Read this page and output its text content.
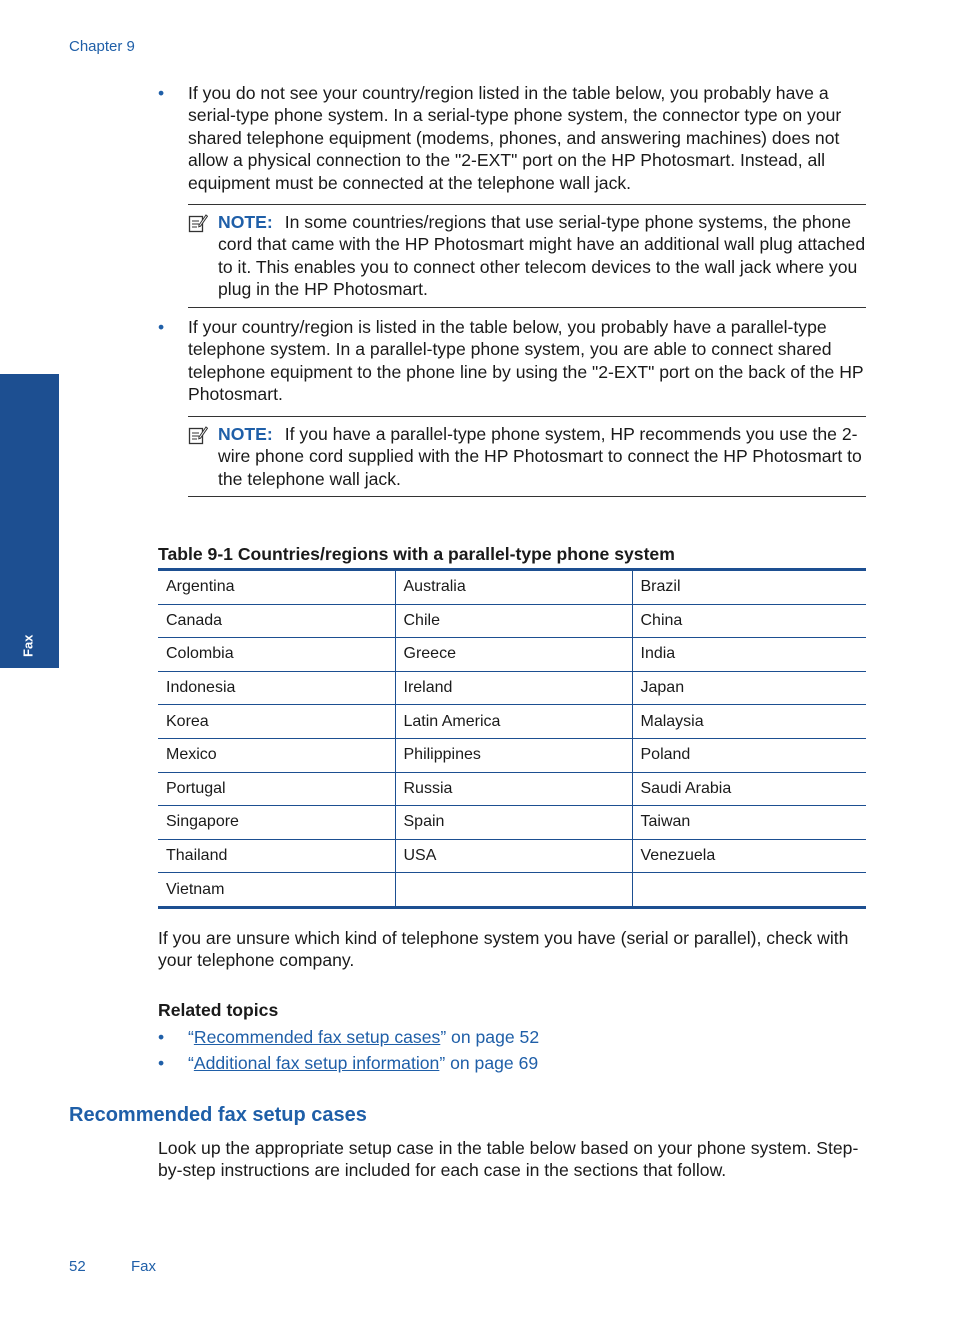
Chapter 9
Fax
• If you do not see your country/region listed in the table below, you probably have a serial-type phone system. In a serial-type phone system, the connector type on your shared telephone equipment (modems, phones, and answering machines) does not allow a physical connection to the "2-EXT" port on the HP Photosmart. Instead, all equipment must be connected at the telephone wall jack.
NOTE: In some countries/regions that use serial-type phone systems, the phone cord that came with the HP Photosmart might have an additional wall plug attached to it. This enables you to connect other telecom devices to the wall jack where you plug in the HP Photosmart.
• If your country/region is listed in the table below, you probably have a parallel-type telephone system. In a parallel-type phone system, you are able to connect shared telephone equipment to the phone line by using the "2-EXT" port on the back of the HP Photosmart.
NOTE: If you have a parallel-type phone system, HP recommends you use the 2-wire phone cord supplied with the HP Photosmart to connect the HP Photosmart to the telephone wall jack.
Table 9-1 Countries/regions with a parallel-type phone system
Argentina	Australia	Brazil
Canada	Chile	China
Colombia	Greece	India
Indonesia	Ireland	Japan
Korea	Latin America	Malaysia
Mexico	Philippines	Poland
Portugal	Russia	Saudi Arabia
Singapore	Spain	Taiwan
Thailand	USA	Venezuela
Vietnam		
If you are unsure which kind of telephone system you have (serial or parallel), check with your telephone company.
Related topics
• “Recommended fax setup cases” on page 52
• “Additional fax setup information” on page 69
Recommended fax setup cases
Look up the appropriate setup case in the table below based on your phone system. Step-by-step instructions are included for each case in the sections that follow.
52	Fax
